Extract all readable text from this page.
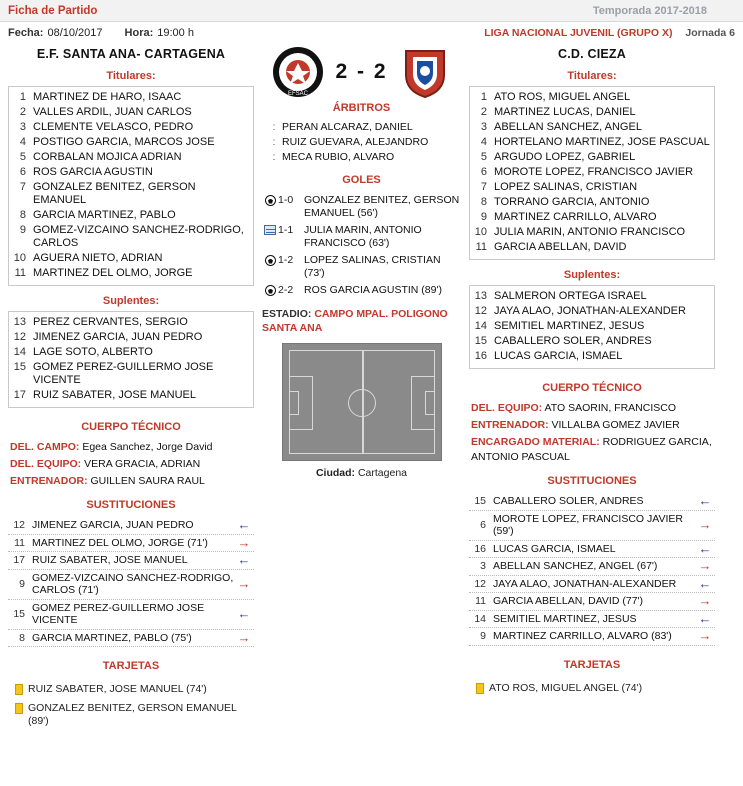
Ficha de Partido	Temporada 2017-2018
Fecha: 08/10/2017 Hora: 19:00 h	LIGA NACIONAL JUVENIL (GRUPO X) Jornada 6
E.F. SANTA ANA- CARTAGENA
Titulares:
1 MARTINEZ DE HARO, ISAAC
2 VALLES ARDIL, JUAN CARLOS
3 CLEMENTE VELASCO, PEDRO
4 POSTIGO GARCIA, MARCOS JOSE
5 CORBALAN MOJICA ADRIAN
6 ROS GARCIA AGUSTIN
7 GONZALEZ BENITEZ, GERSON EMANUEL
8 GARCIA MARTINEZ, PABLO
9 GOMEZ-VIZCAINO SANCHEZ-RODRIGO, CARLOS
10 AGUERA NIETO, ADRIAN
11 MARTINEZ DEL OLMO, JORGE
Suplentes:
13 PEREZ CERVANTES, SERGIO
12 JIMENEZ GARCIA, JUAN PEDRO
14 LAGE SOTO, ALBERTO
15 GOMEZ PEREZ-GUILLERMO JOSE VICENTE
17 RUIZ SABATER, JOSE MANUEL
CUERPO TÉCNICO
DEL. CAMPO: Egea Sanchez, Jorge David
DEL. EQUIPO: VERA GRACIA, ADRIAN
ENTRENADOR: GUILLEN SAURA RAUL
SUSTITUCIONES
12 JIMENEZ GARCIA, JUAN PEDRO	←
11 MARTINEZ DEL OLMO, JORGE (71')	→
17 RUIZ SABATER, JOSE MANUEL	←
9
GOMEZ-VIZCAINO SANCHEZ-RODRIGO, CARLOS (71')	→
15
GOMEZ PEREZ-GUILLERMO JOSE VICENTE	←
8 GARCIA MARTINEZ, PABLO (75')	→
TARJETAS
RUIZ SABATER, JOSE MANUEL (74')
GONZALEZ BENITEZ, GERSON EMANUEL (89')
EFSAC
2 - 2
ÁRBITROS
: PERAN ALCARAZ, DANIEL
: RUIZ GUEVARA, ALEJANDRO
: MECA RUBIO, ALVARO
GOLES
1-0	GONZALEZ BENITEZ, GERSON EMANUEL (56')
1-1	JULIA MARIN, ANTONIO FRANCISCO (63')
1-2	LOPEZ SALINAS, CRISTIAN (73')
2-2	ROS GARCIA AGUSTIN (89')
ESTADIO: CAMPO MPAL. POLIGONO SANTA ANA
Ciudad: Cartagena
C.D. CIEZA
Titulares:
1 ATO ROS, MIGUEL ANGEL
2 MARTINEZ LUCAS, DANIEL
3 ABELLAN SANCHEZ, ANGEL
4 HORTELANO MARTINEZ, JOSE PASCUAL
5 ARGUDO LOPEZ, GABRIEL
6 MOROTE LOPEZ, FRANCISCO JAVIER
7 LOPEZ SALINAS, CRISTIAN
8 TORRANO GARCIA, ANTONIO
9 MARTINEZ CARRILLO, ALVARO
10 JULIA MARIN, ANTONIO FRANCISCO
11 GARCIA ABELLAN, DAVID
Suplentes:
13 SALMERON ORTEGA ISRAEL
12 JAYA ALAO, JONATHAN-ALEXANDER
14 SEMITIEL MARTINEZ, JESUS
15 CABALLERO SOLER, ANDRES
16 LUCAS GARCIA, ISMAEL
CUERPO TÉCNICO
DEL. EQUIPO: ATO SAORIN, FRANCISCO
ENTRENADOR: VILLALBA GOMEZ JAVIER
ENCARGADO MATERIAL: RODRIGUEZ GARCIA, ANTONIO PASCUAL
SUSTITUCIONES
15 CABALLERO SOLER, ANDRES	←
6
MOROTE LOPEZ, FRANCISCO JAVIER (59')	→
16 LUCAS GARCIA, ISMAEL	←
3 ABELLAN SANCHEZ, ANGEL (67')	→
12 JAYA ALAO, JONATHAN-ALEXANDER	←
11 GARCIA ABELLAN, DAVID (77')	→
14 SEMITIEL MARTINEZ, JESUS	←
9 MARTINEZ CARRILLO, ALVARO (83')	→
TARJETAS
ATO ROS, MIGUEL ANGEL (74')
